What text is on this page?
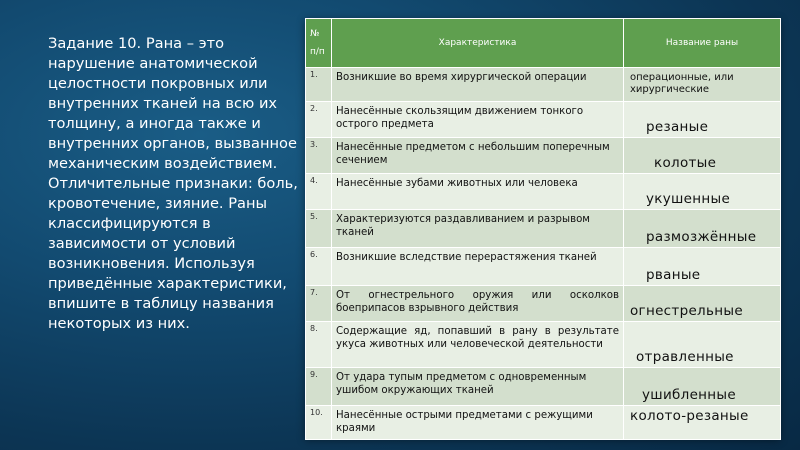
Задание 10. Рана – это нарушение анатомической целостности покровных или внутренних тканей на всю их толщину, а иногда также и внутренних органов, вызванное механическим воздействием. Отличительные признаки: боль, кровотечение, зияние. Раны классифицируются в зависимости от условий возникновения. Используя приведённые характеристики, впишите в таблицу названия некоторых из них.
№
п/п	Характеристика	Название раны
1.	Возникшие во время хирургической операции	операционные, или хирургические
2.	Нанесённые скользящим движением тонкого острого предмета	резаные
3.	Нанесённые предметом с небольшим поперечным сечением	колотые
4.	Нанесённые зубами животных или человека	укушенные
5.	Характеризуются раздавливанием и разрывом тканей	размозжённые
6.	Возникшие вследствие перерастяжения тканей	рваные
7.	От огнестрельного оружия или осколков боеприпасов взрывного действия	огнестрельные
8.	Содержащие яд, попавший в рану в результате укуса животных или человеческой деятельности	отравленные
9.	От удара тупым предметом с одновременным ушибом окружающих тканей	ушибленные
10.	Нанесённые острыми предметами с режущими краями	колото-резаные
